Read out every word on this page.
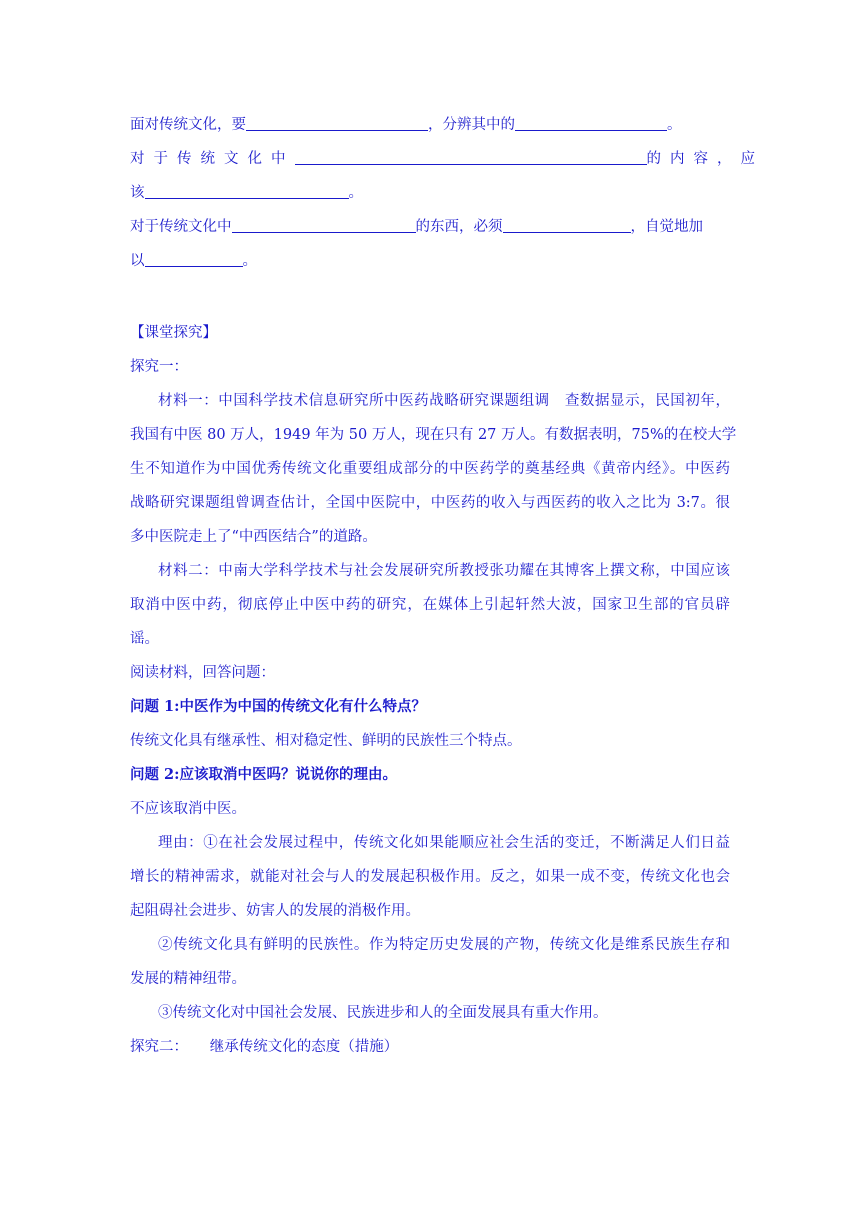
面对传统文化，要	，分辨其中的	。
对于传统文化中	的内容，应
该	。
对于传统文化中	的东西，必须	，自觉地加
以	。
【课堂探究】
探究一：
材料一：中国科学技术信息研究所中医药战略研究课题组调　查数据显示，民国初年，
我国有中医 80 万人，1949 年为 50 万人，现在只有 27 万人。有数据表明，75%的在校大学
生不知道作为中国优秀传统文化重要组成部分的中医药学的奠基经典《黄帝内经》。中医药
战略研究课题组曾调查估计，全国中医院中，中医药的收入与西医药的收入之比为 3:7。很
多中医院走上了“中西医结合”的道路。
材料二：中南大学科学技术与社会发展研究所教授张功耀在其博客上撰文称，中国应该
取消中医中药，彻底停止中医中药的研究，在媒体上引起轩然大波，国家卫生部的官员辟
谣。
阅读材料，回答问题：
问题 1:中医作为中国的传统文化有什么特点？
传统文化具有继承性、相对稳定性、鲜明的民族性三个特点。
问题 2:应该取消中医吗？说说你的理由。
不应该取消中医。
理由：①在社会发展过程中，传统文化如果能顺应社会生活的变迁，不断满足人们日益
增长的精神需求，就能对社会与人的发展起积极作用。反之，如果一成不变，传统文化也会
起阻碍社会进步、妨害人的发展的消极作用。
②传统文化具有鲜明的民族性。作为特定历史发展的产物，传统文化是维系民族生存和
发展的精神纽带。
③传统文化对中国社会发展、民族进步和人的全面发展具有重大作用。
探究二：　　继承传统文化的态度（措施）
